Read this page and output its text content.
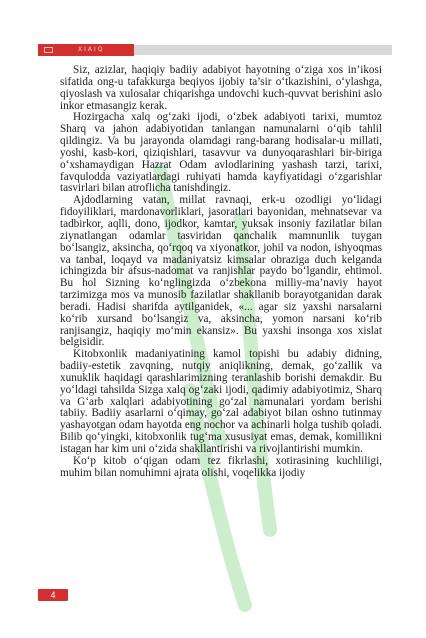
XIAIQ

Siz, azizlar, haqiqiy badiiy adabiyot hayotning o‘ziga xos in’ikosi sifatida ong-u tafakkurga beqiyos ijobiy ta’sir o‘tkazishini, o‘ylashga, qiyoslash va xulosalar chiqarishga undovchi kuch-quvvat berishini aslo inkor etmasangiz kerak.

Hozirgacha xalq og‘zaki ijodi, o‘zbek adabiyoti tarixi, mumtoz Sharq va jahon adabiyotidan tanlangan namunalarni o‘qib tahlil qildingiz. Va bu jarayonda olamdagi rang-barang hodisalar-u millati, yoshi, kasb-kori, qiziqishlari, tasavvur va dunyoqarashlari bir-biriga o‘xshamaydigan Hazrat Odam avlodlarining yashash tarzi, tarixi, favqulodda vaziyatlardagi ruhiyati hamda kayfiyatidagi o‘zgarishlar tasvirlari bilan atroflicha tanishdingiz.

Ajdodlarning vatan, millat ravnaqi, erk-u ozodligi yo‘lidagi fidoyiliklari, mardonavorliklari, jasoratlari bayonidan, mehnatsevar va tadbirkor, aqlli, dono, ijodkor, kamtar, yuksak insoniy fazilatlar bilan ziynatlangan odamlar tasviridan qanchalik mamnunlik tuygan bo‘lsangiz, aksincha, qo‘rqoq va xiyonatkor, johil va nodon, ishyoqmas va tanbal, loqayd va madaniyatsiz kimsalar obraziga duch kelganda ichingizda bir afsus-nadomat va ranjishlar paydo bo‘lgandir, ehtimol. Bu hol Sizning ko‘nglingizda o‘zbekona milliy-ma’naviy hayot tarzimizga mos va munosib fazilatlar shakllanib borayotganidan darak beradi. Hadisi sharifda aytilganidek, «... agar siz yaxshi narsalarni ko‘rib xursand bo‘lsangiz va, aksincha, yomon narsani ko‘rib ranjisangiz, haqiqiy mo‘min ekansiz». Bu yaxshi insonga xos xislat belgisidir.

Kitobxonlik madaniyatining kamol topishi bu adabiy didning, badiiy-estetik zavqning, nutqiy aniqlikning, demak, go‘zallik va xunuklik haqidagi qarashlarimizning teranlashib borishi demakdir. Bu yo‘ldagi tahsilda Sizga xalq og‘zaki ijodi, qadimiy adabiyotimiz, Sharq va G‘arb xalqlari adabiyotining go‘zal namunalari yordam berishi tabiiy. Badiiy asarlarni o‘qimay, go‘zal adabiyot bilan oshno tutinmay yashayotgan odam hayotda eng nochor va achinarli holga tushib qoladi. Bilib qo‘yingki, kitobxonlik tug‘ma xususiyat emas, demak, komillikni istagan har kim uni o‘zida shakllantirishi va rivojlantirishi mumkin.

Ko‘p kitob o‘qigan odam tez fikrlashi, xotirasining kuchliligi, muhim bilan nomuhimni ajrata olishi, voqelikka ijodiy

4
